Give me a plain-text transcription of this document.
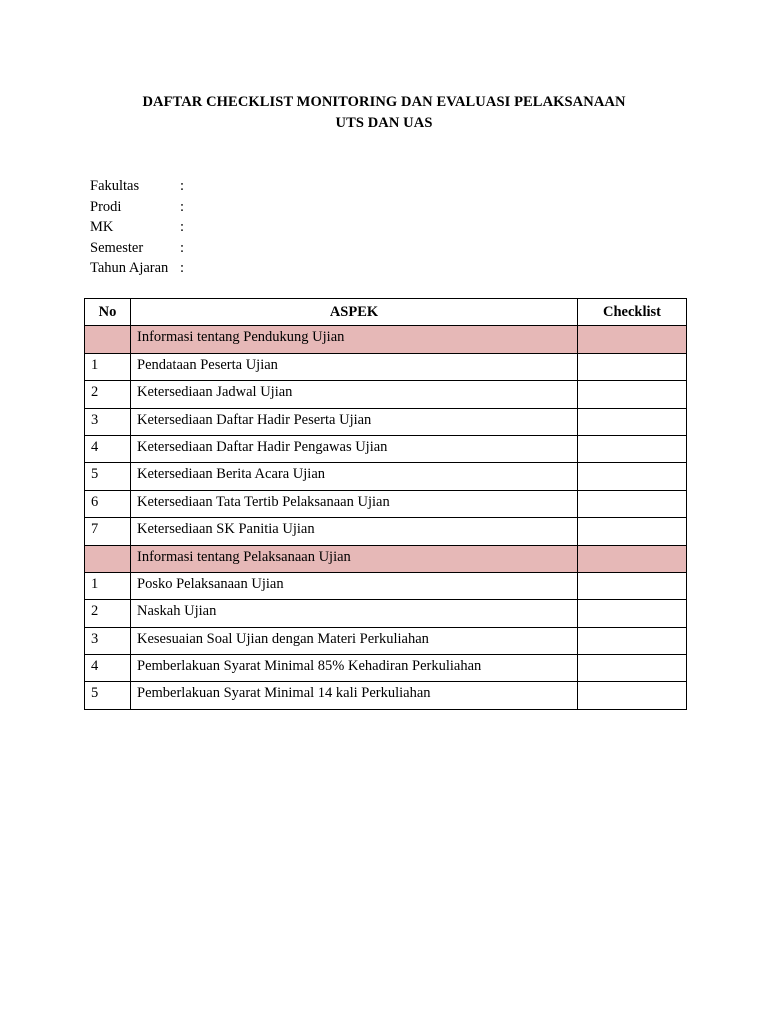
DAFTAR CHECKLIST MONITORING DAN EVALUASI PELAKSANAAN
UTS DAN UAS
Fakultas	:
Prodi	:
MK	:
Semester	:
Tahun Ajaran :
No	ASPEK	Checklist
	Informasi tentang Pendukung Ujian	
1	Pendataan Peserta Ujian	
2	Ketersediaan Jadwal Ujian	
3	Ketersediaan Daftar Hadir Peserta Ujian	
4	Ketersediaan Daftar Hadir Pengawas Ujian	
5	Ketersediaan Berita Acara Ujian	
6	Ketersediaan Tata Tertib Pelaksanaan Ujian	
7	Ketersediaan SK Panitia Ujian	
	Informasi tentang Pelaksanaan Ujian	
1	Posko Pelaksanaan Ujian	
2	Naskah Ujian	
3	Kesesuaian Soal Ujian dengan Materi Perkuliahan	
4	Pemberlakuan Syarat Minimal 85% Kehadiran Perkuliahan	
5	Pemberlakuan Syarat Minimal 14 kali Perkuliahan	
